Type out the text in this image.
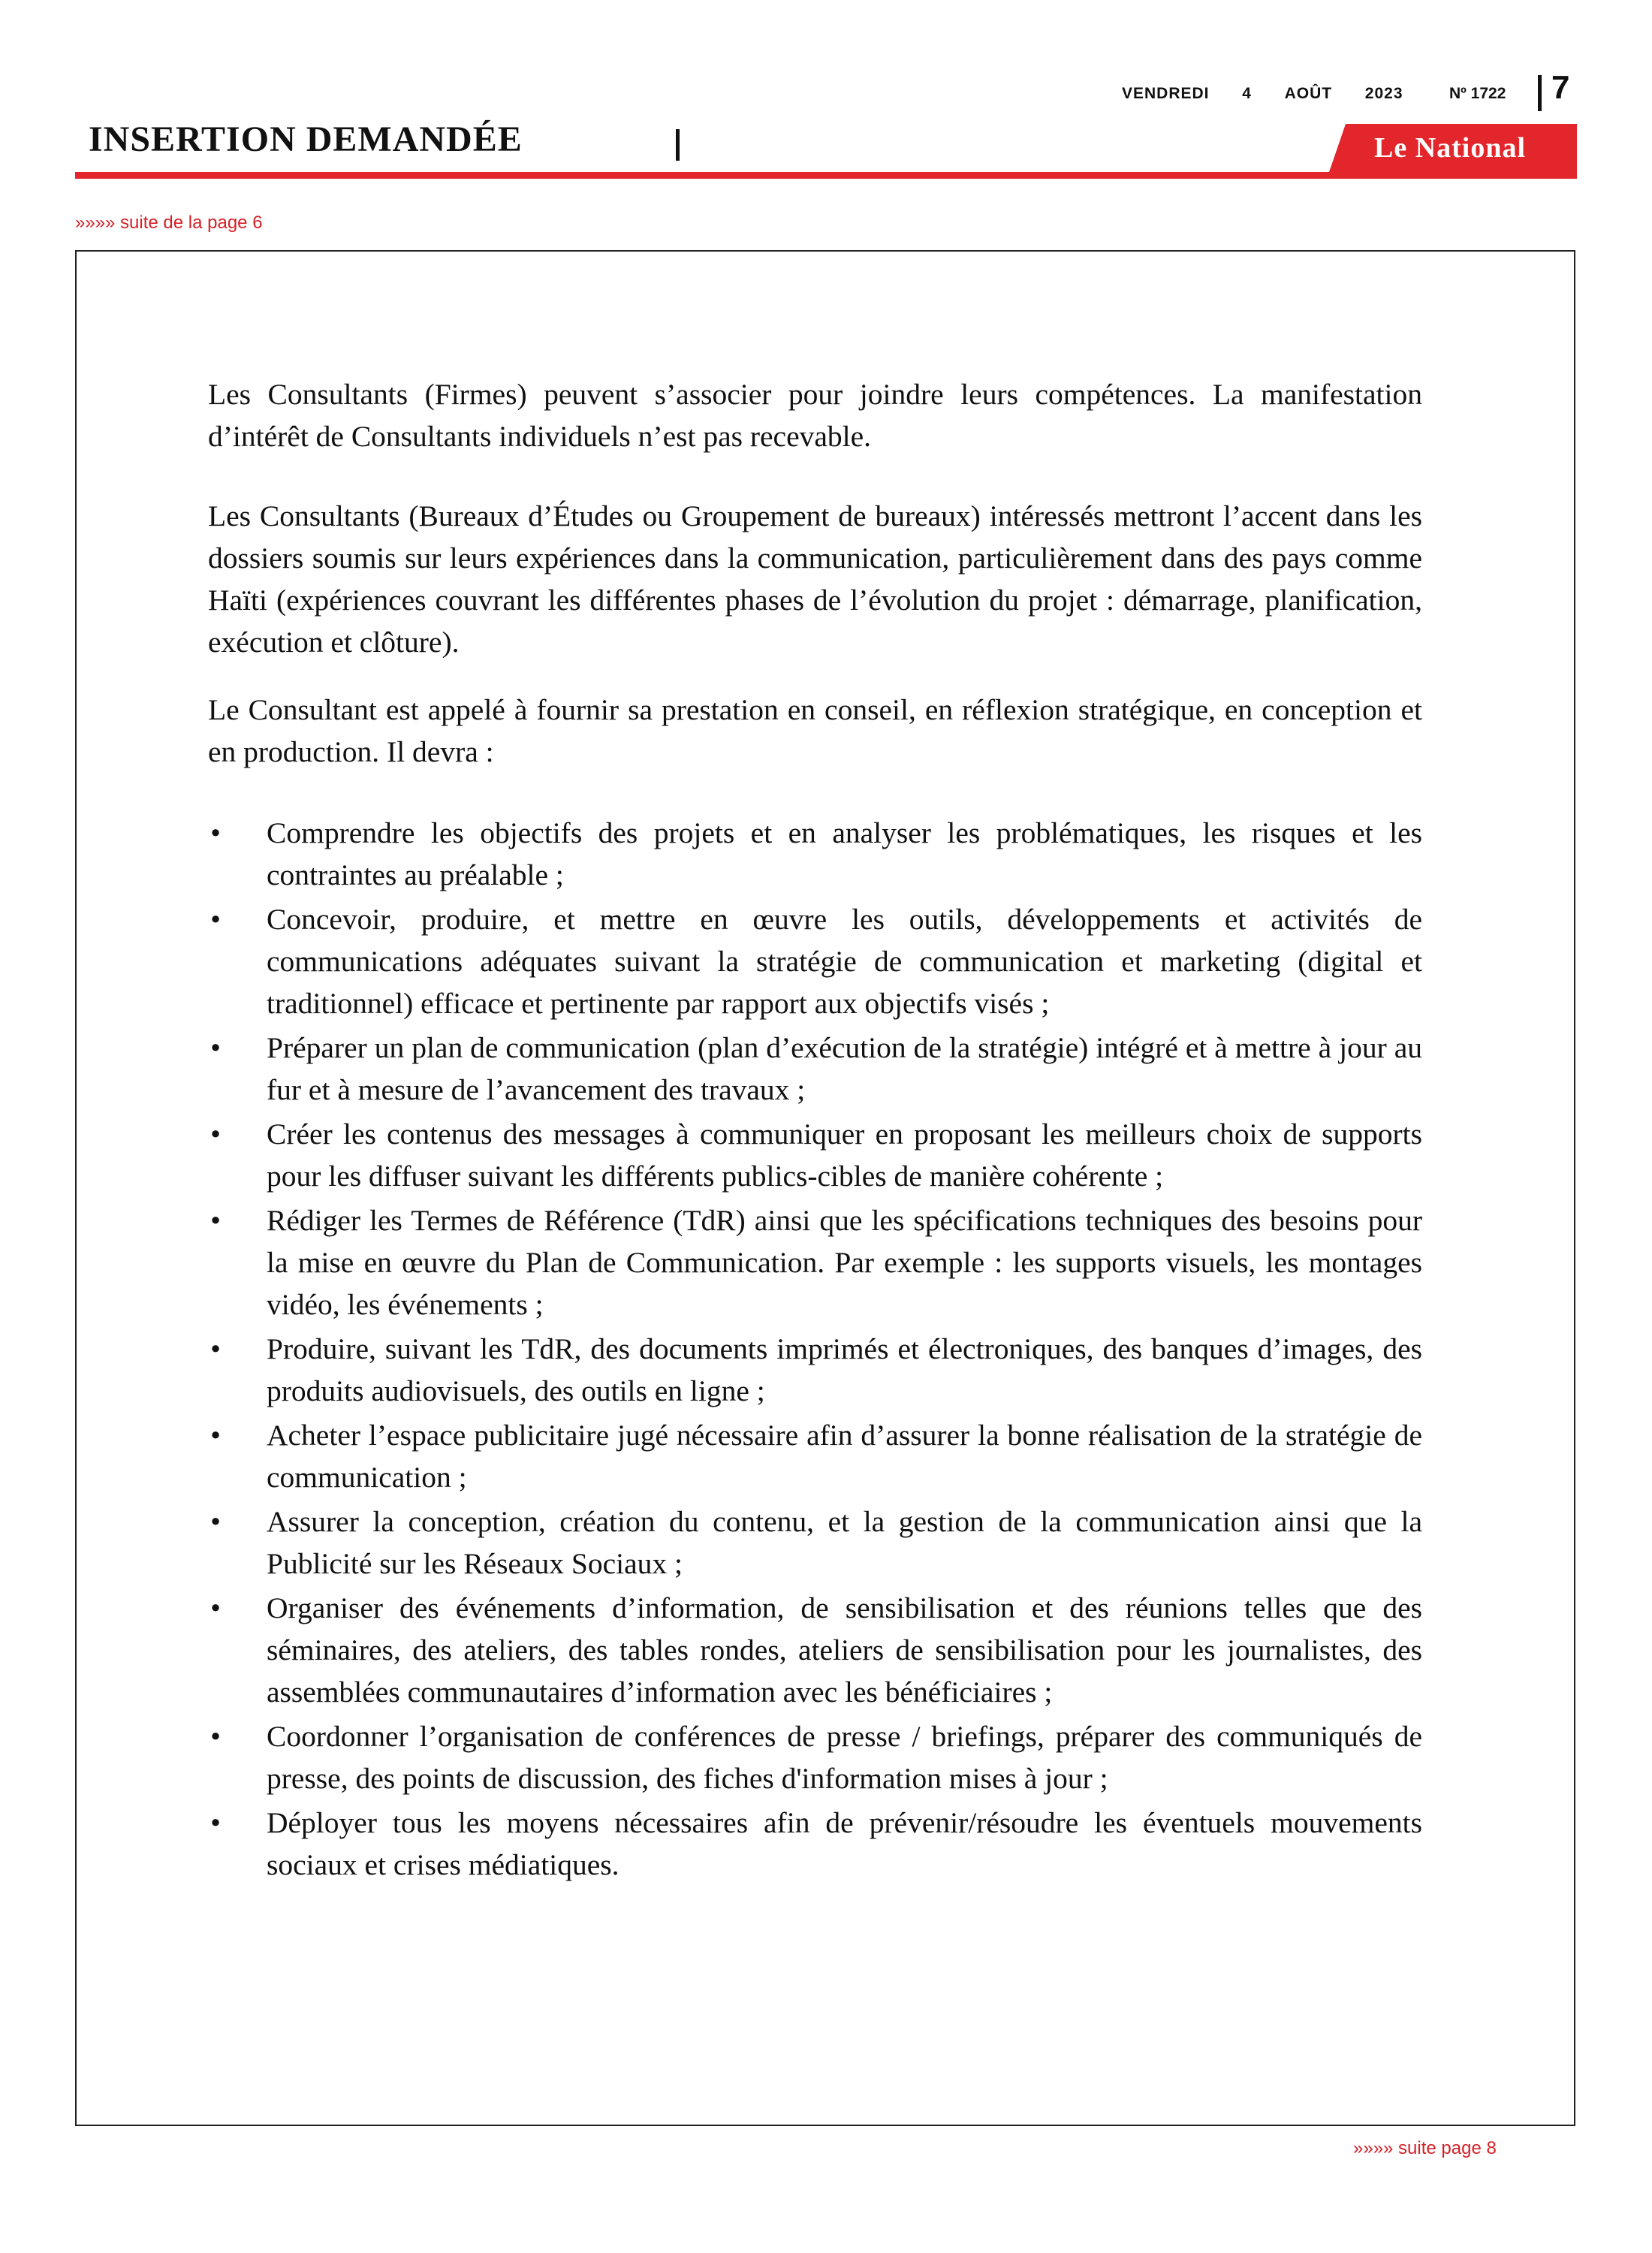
VENDREDI 4 AOÛT 2023	Nº 1722 7
INSERTION DEMANDÉE	Le National
»»»» suite de la page 6

Les Consultants (Firmes) peuvent s’associer pour joindre leurs compétences. La manifestation d’intérêt de Consultants individuels n’est pas recevable.

Les Consultants (Bureaux d’Études ou Groupement de bureaux) intéressés mettront l’accent dans les dossiers soumis sur leurs expériences dans la communication, particulièrement dans des pays comme Haïti (expériences couvrant les différentes phases de l’évolution du projet : démarrage, planification, exécution et clôture).

Le Consultant est appelé à fournir sa prestation en conseil, en réflexion stratégique, en conception et en production. Il devra :

• Comprendre les objectifs des projets et en analyser les problématiques, les risques et les contraintes au préalable ;
• Concevoir, produire, et mettre en œuvre les outils, développements et activités de communications adéquates suivant la stratégie de communication et marketing (digital et traditionnel) efficace et pertinente par rapport aux objectifs visés ;
• Préparer un plan de communication (plan d’exécution de la stratégie) intégré et à mettre à jour au fur et à mesure de l’avancement des travaux ;
• Créer les contenus des messages à communiquer en proposant les meilleurs choix de supports pour les diffuser suivant les différents publics-cibles de manière cohérente ;
• Rédiger les Termes de Référence (TdR) ainsi que les spécifications techniques des besoins pour la mise en œuvre du Plan de Communication. Par exemple : les supports visuels, les montages vidéo, les événements ;
• Produire, suivant les TdR, des documents imprimés et électroniques, des banques d’images, des produits audiovisuels, des outils en ligne ;
• Acheter l’espace publicitaire jugé nécessaire afin d’assurer la bonne réalisation de la stratégie de communication ;
• Assurer la conception, création du contenu, et la gestion de la communication ainsi que la Publicité sur les Réseaux Sociaux ;
• Organiser des événements d’information, de sensibilisation et des réunions telles que des séminaires, des ateliers, des tables rondes, ateliers de sensibilisation pour les journalistes, des assemblées communautaires d’information avec les bénéficiaires ;
• Coordonner l’organisation de conférences de presse / briefings, préparer des communiqués de presse, des points de discussion, des fiches d'information mises à jour ;
• Déployer tous les moyens nécessaires afin de prévenir/résoudre les éventuels mouvements sociaux et crises médiatiques.
»»»» suite page 8
